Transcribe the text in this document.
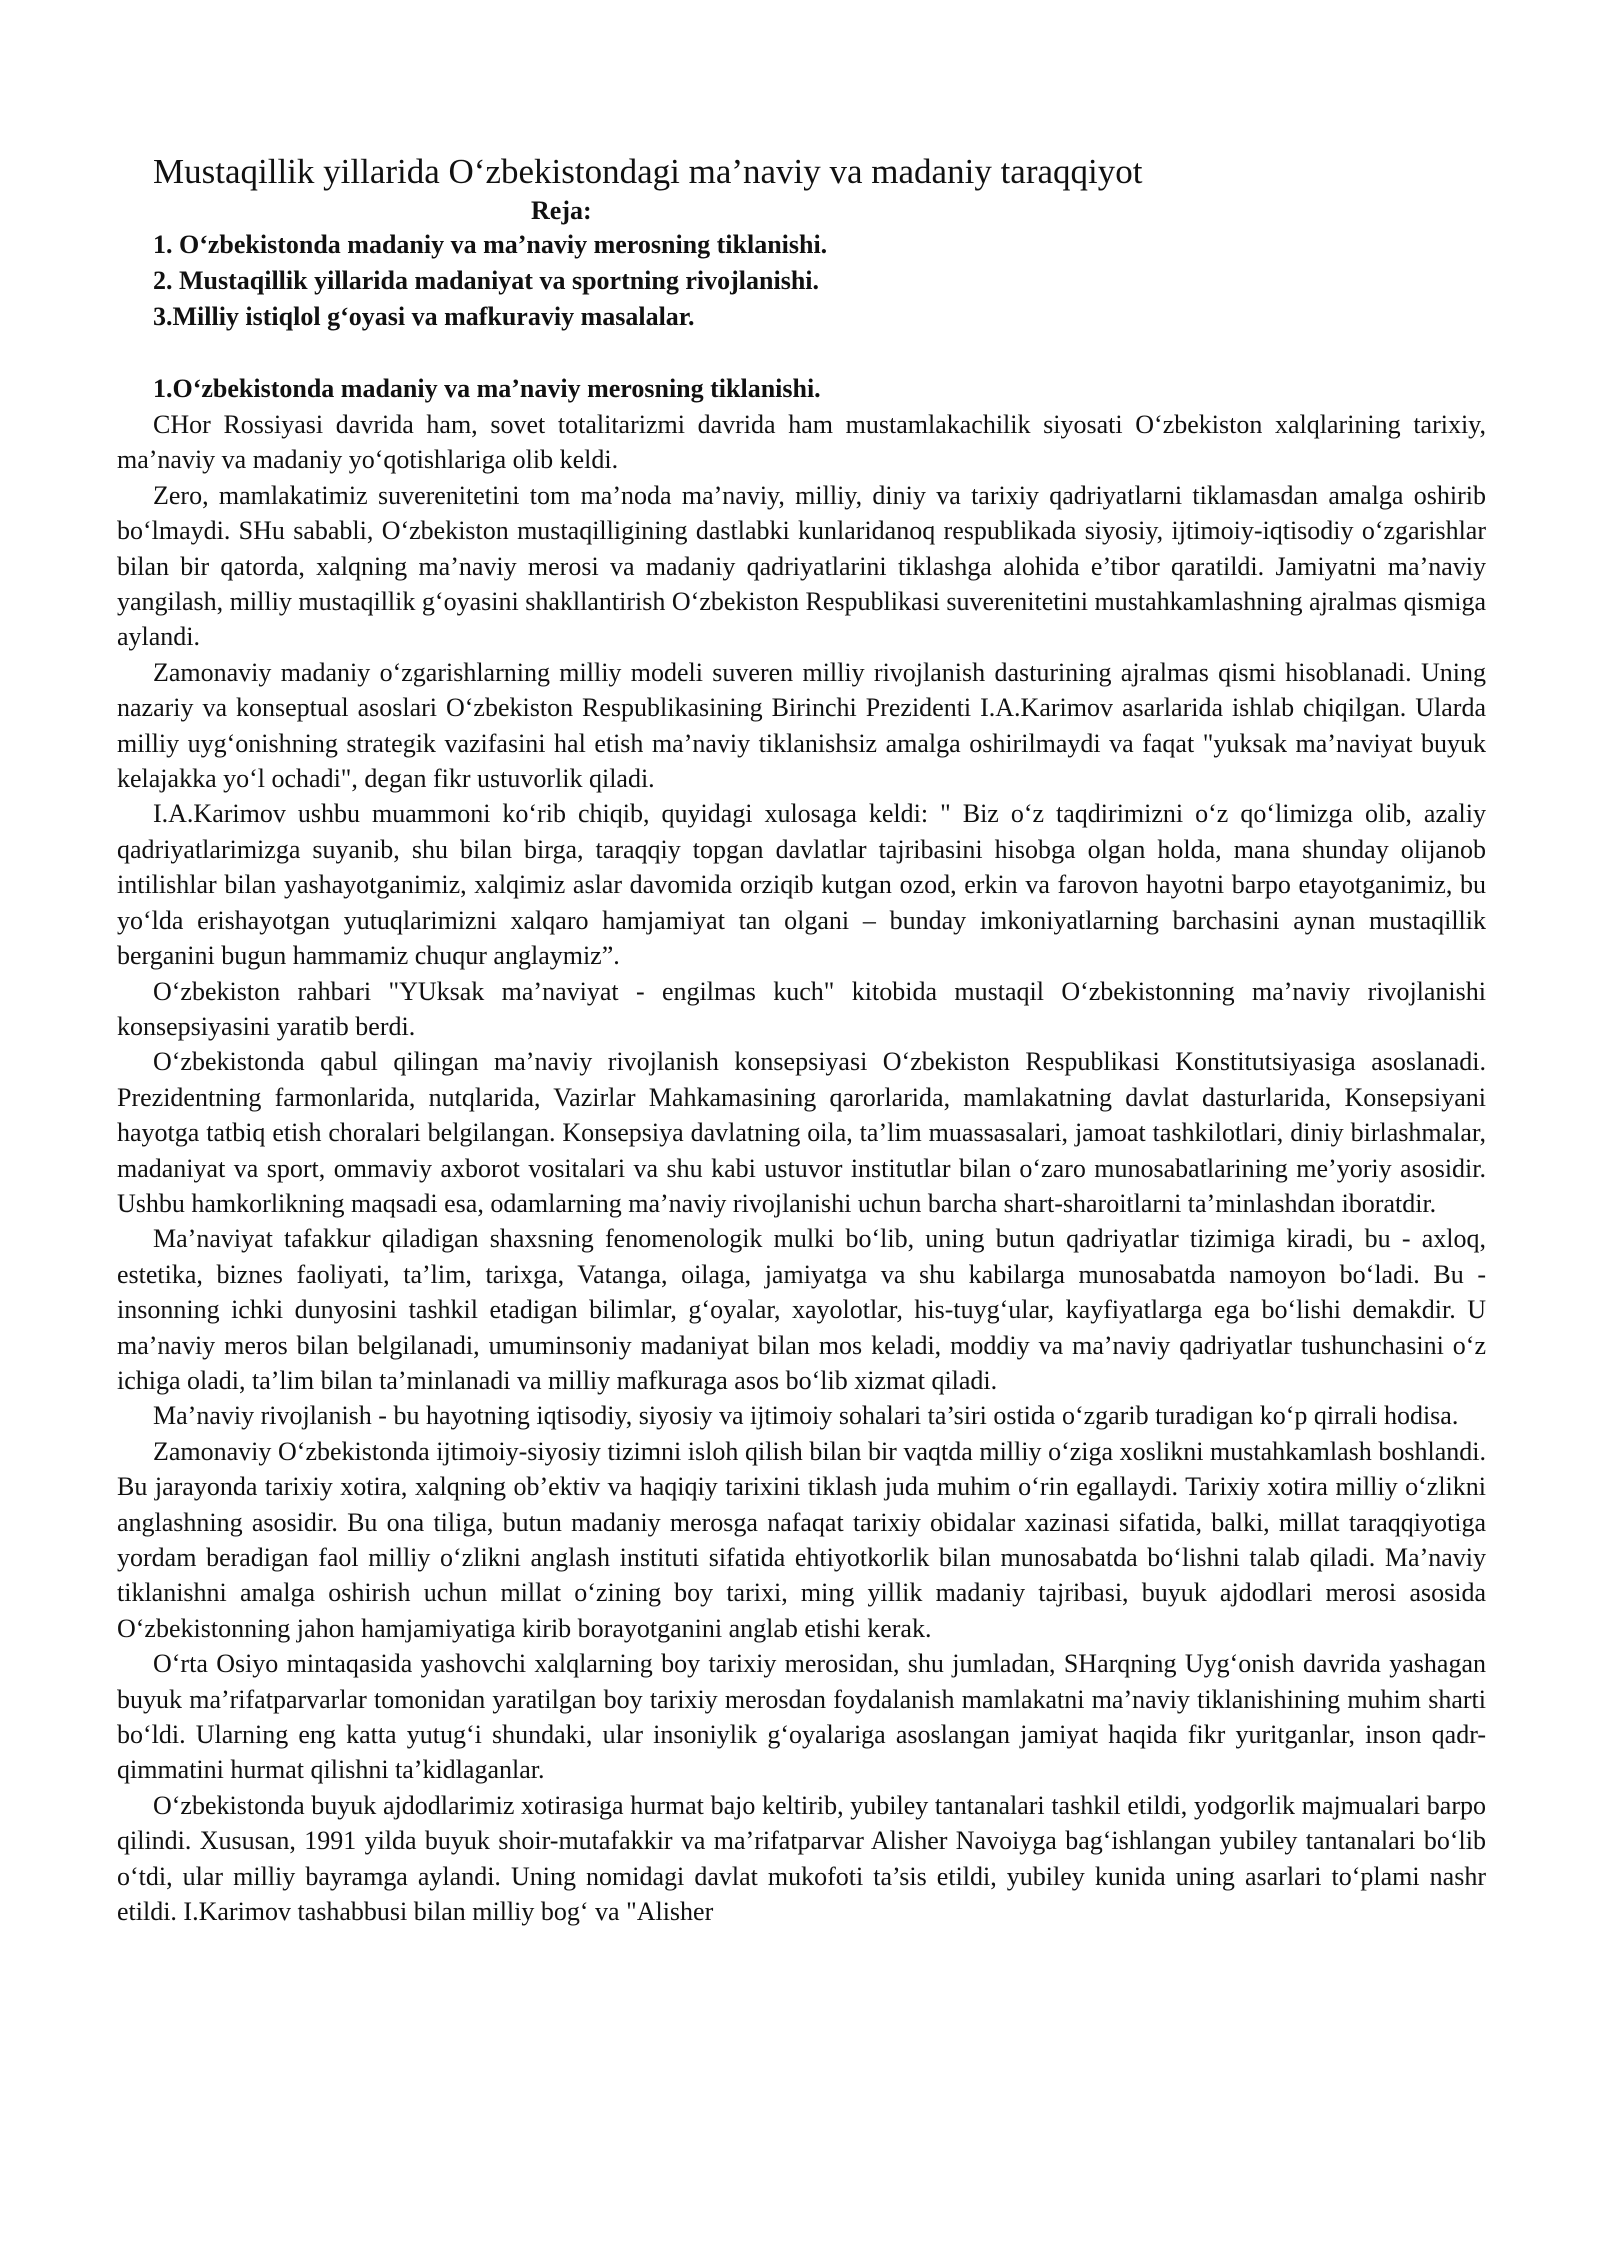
Mustaqillik yillarida O‘zbekistondagi ma’naviy va madaniy taraqqiyot
Reja:
1. O‘zbekistonda madaniy va ma’naviy merosning tiklanishi.
2. Mustaqillik yillarida madaniyat va sportning rivojlanishi.
3.Milliy istiqlol g‘oyasi va mafkuraviy masalalar.
1.O‘zbekistonda madaniy va ma’naviy merosning tiklanishi.

CHor Rossiyasi davrida ham, sovet totalitarizmi davrida ham mustamlakachilik siyosati O‘zbekiston xalqlarining tarixiy, ma’naviy va madaniy yo‘qotishlariga olib keldi.

Zero, mamlakatimiz suverenitetini tom ma’noda ma’naviy, milliy, diniy va tarixiy qadriyatlarni tiklamasdan amalga oshirib bo‘lmaydi. SHu sababli, O‘zbekiston mustaqilligining dastlabki kunlaridanoq respublikada siyosiy, ijtimoiy-iqtisodiy o‘zgarishlar bilan bir qatorda, xalqning ma’naviy merosi va madaniy qadriyatlarini tiklashga alohida e’tibor qaratildi. Jamiyatni ma’naviy yangilash, milliy mustaqillik g‘oyasini shakllantirish O‘zbekiston Respublikasi suverenitetini mustahkamlashning ajralmas qismiga aylandi.

Zamonaviy madaniy o‘zgarishlarning milliy modeli suveren milliy rivojlanish dasturining ajralmas qismi hisoblanadi. Uning nazariy va konseptual asoslari O‘zbekiston Respublikasining Birinchi Prezidenti I.A.Karimov asarlarida ishlab chiqilgan. Ularda milliy uyg‘onishning strategik vazifasini hal etish ma’naviy tiklanishsiz amalga oshirilmaydi va faqat "yuksak ma’naviyat buyuk kelajakka yo‘l ochadi", degan fikr ustuvorlik qiladi.

I.A.Karimov ushbu muammoni ko‘rib chiqib, quyidagi xulosaga keldi: " Biz o‘z taqdirimizni o‘z qo‘limizga olib, azaliy qadriyatlarimizga suyanib, shu bilan birga, taraqqiy topgan davlatlar tajribasini hisobga olgan holda, mana shunday olijanob intilishlar bilan yashayotganimiz, xalqimiz aslar davomida orziqib kutgan ozod, erkin va farovon hayotni barpo etayotganimiz, bu yo‘lda erishayotgan yutuqlarimizni xalqaro hamjamiyat tan olgani – bunday imkoniyatlarning barchasini aynan mustaqillik berganini bugun hammamiz chuqur anglaymiz”.

O‘zbekiston rahbari "YUksak ma’naviyat - engilmas kuch" kitobida mustaqil O‘zbekistonning ma’naviy rivojlanishi konsepsiyasini yaratib berdi.

O‘zbekistonda qabul qilingan ma’naviy rivojlanish konsepsiyasi O‘zbekiston Respublikasi Konstitutsiyasiga asoslanadi. Prezidentning farmonlarida, nutqlarida, Vazirlar Mahkamasining qarorlarida, mamlakatning davlat dasturlarida, Konsepsiyani hayotga tatbiq etish choralari belgilangan. Konsepsiya davlatning oila, ta’lim muassasalari, jamoat tashkilotlari, diniy birlashmalar, madaniyat va sport, ommaviy axborot vositalari va shu kabi ustuvor institutlar bilan o‘zaro munosabatlarining me’yoriy asosidir. Ushbu hamkorlikning maqsadi esa, odamlarning ma’naviy rivojlanishi uchun barcha shart-sharoitlarni ta’minlashdan iboratdir.

Ma’naviyat tafakkur qiladigan shaxsning fenomenologik mulki bo‘lib, uning butun qadriyatlar tizimiga kiradi, bu - axloq, estetika, biznes faoliyati, ta’lim, tarixga, Vatanga, oilaga, jamiyatga va shu kabilarga munosabatda namoyon bo‘ladi. Bu - insonning ichki dunyosini tashkil etadigan bilimlar, g‘oyalar, xayolotlar, his-tuyg‘ular, kayfiyatlarga ega bo‘lishi demakdir. U ma’naviy meros bilan belgilanadi, umuminsoniy madaniyat bilan mos keladi, moddiy va ma’naviy qadriyatlar tushunchasini o‘z ichiga oladi, ta’lim bilan ta’minlanadi va milliy mafkuraga asos bo‘lib xizmat qiladi.

Ma’naviy rivojlanish - bu hayotning iqtisodiy, siyosiy va ijtimoiy sohalari ta’siri ostida o‘zgarib turadigan ko‘p qirrali hodisa.

Zamonaviy O‘zbekistonda ijtimoiy-siyosiy tizimni isloh qilish bilan bir vaqtda milliy o‘ziga xoslikni mustahkamlash boshlandi. Bu jarayonda tarixiy xotira, xalqning ob’ektiv va haqiqiy tarixini tiklash juda muhim o‘rin egallaydi. Tarixiy xotira milliy o‘zlikni anglashning asosidir. Bu ona tiliga, butun madaniy merosga nafaqat tarixiy obidalar xazinasi sifatida, balki, millat taraqqiyotiga yordam beradigan faol milliy o‘zlikni anglash instituti sifatida ehtiyotkorlik bilan munosabatda bo‘lishni talab qiladi. Ma’naviy tiklanishni amalga oshirish uchun millat o‘zining boy tarixi, ming yillik madaniy tajribasi, buyuk ajdodlari merosi asosida O‘zbekistonning jahon hamjamiyatiga kirib borayotganini anglab etishi kerak.

O‘rta Osiyo mintaqasida yashovchi xalqlarning boy tarixiy merosidan, shu jumladan, SHarqning Uyg‘onish davrida yashagan buyuk ma’rifatparvarlar tomonidan yaratilgan boy tarixiy merosdan foydalanish mamlakatni ma’naviy tiklanishining muhim sharti bo‘ldi. Ularning eng katta yutug‘i shundaki, ular insoniylik g‘oyalariga asoslangan jamiyat haqida fikr yuritganlar, inson qadr-qimmatini hurmat qilishni ta’kidlaganlar.

O‘zbekistonda buyuk ajdodlarimiz xotirasiga hurmat bajo keltirib, yubiley tantanalari tashkil etildi, yodgorlik majmualari barpo qilindi. Xususan, 1991 yilda buyuk shoir-mutafakkir va ma’rifatparvar Alisher Navoiyga bag‘ishlangan yubiley tantanalari bo‘lib o‘tdi, ular milliy bayramga aylandi. Uning nomidagi davlat mukofoti ta’sis etildi, yubiley kunida uning asarlari to‘plami nashr etildi. I.Karimov tashabbusi bilan milliy bog‘ va "Alisher
